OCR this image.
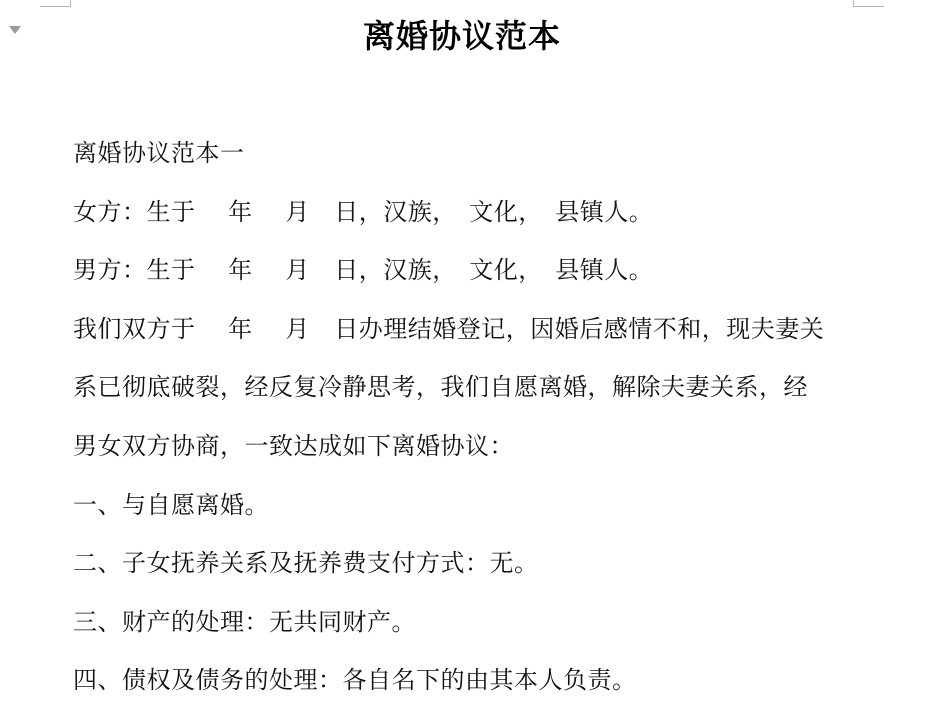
离婚协议范本
离婚协议范本一
女方：生于　 年　 月　日，汉族，　文化，　县镇人。
男方：生于　 年　 月　日，汉族，　文化，　县镇人。
我们双方于　 年　 月　日办理结婚登记，因婚后感情不和，现夫妻关
系已彻底破裂，经反复冷静思考，我们自愿离婚，解除夫妻关系，经
男女双方协商，一致达成如下离婚协议：
一、与自愿离婚。
二、子女抚养关系及抚养费支付方式：无。
三、财产的处理：无共同财产。
四、债权及债务的处理：各自名下的由其本人负责。
